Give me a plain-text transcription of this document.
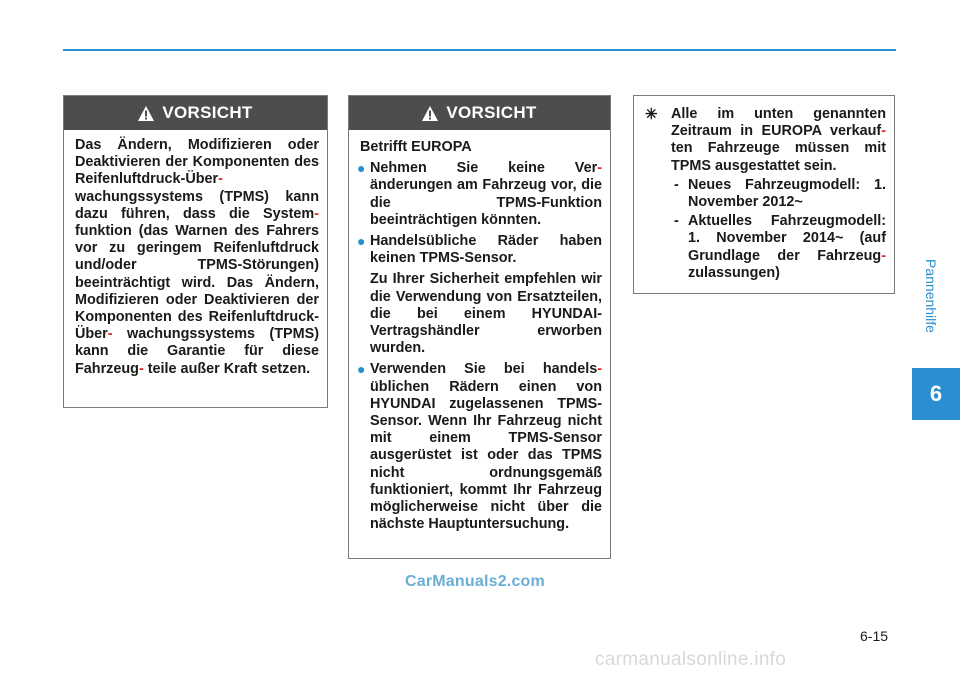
Pannenhilfe
6
VORSICHT

Das Ändern, Modifizieren oder Deaktivieren der Komponenten des Reifenluftdruck-Über- wachungssystems (TPMS) kann dazu führen, dass die System- funktion (das Warnen des Fahrers vor zu geringem Reifenluftdruck und/oder TPMS-Störungen) beeinträchtigt wird. Das Ändern, Modifizieren oder Deaktivieren der Komponenten des Reifenluftdruck-Über- wachungssystems (TPMS) kann die Garantie für diese Fahrzeug- teile außer Kraft setzen.

VORSICHT

Betrifft EUROPA

● Nehmen Sie keine Ver- änderungen am Fahrzeug vor, die die TPMS-Funktion beeinträchtigen könnten.
● Handelsübliche Räder haben keinen TPMS-Sensor.
Zu Ihrer Sicherheit empfehlen wir die Verwendung von Ersatzteilen, die bei einem HYUNDAI-Vertragshändler erworben wurden.
● Verwenden Sie bei handels- üblichen Rädern einen von HYUNDAI zugelassenen TPMS-Sensor. Wenn Ihr Fahrzeug nicht mit einem TPMS-Sensor ausgerüstet ist oder das TPMS nicht ordnungsgemäß funktioniert, kommt Ihr Fahrzeug möglicherweise nicht über die nächste Hauptuntersuchung.
✳ Alle im unten genannten Zeitraum in EUROPA verkauf- ten Fahrzeuge müssen mit TPMS ausgestattet sein.
- Neues Fahrzeugmodell: 1. November 2012~
- Aktuelles Fahrzeugmodell: 1. November 2014~ (auf Grundlage der Fahrzeug- zulassungen)
CarManuals2.com
6-15
carmanualsonline.info
